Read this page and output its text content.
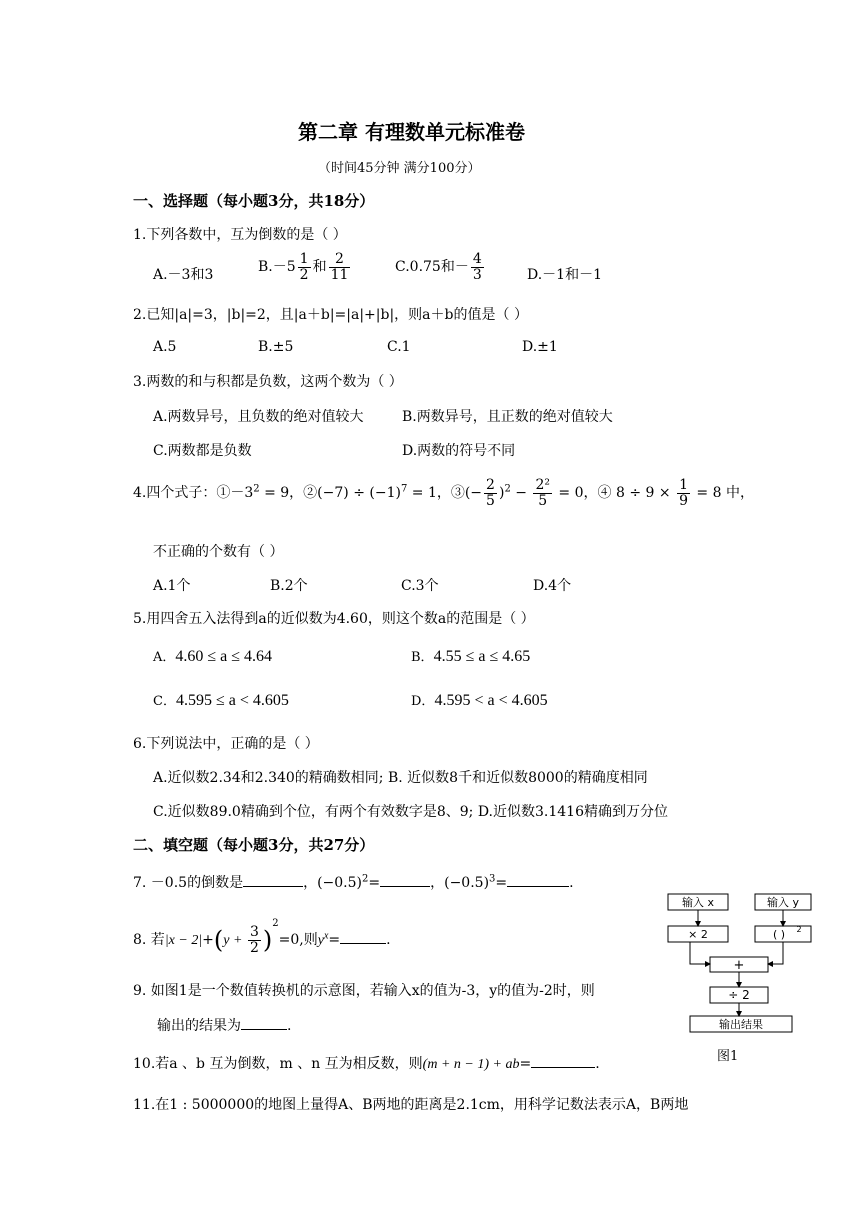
第二章 有理数单元标准卷
（时间45分钟 满分100分）
一、选择题（每小题3分，共18分）
1.下列各数中，互为倒数的是（ ）
A.－3和3	$B.-5 \frac{1}{2}$ 和 $\frac{2}{11}$	C.0.75和－ $\frac{4}{3}$	D.－1和－1
2.已知|a|=3，|b|=2，且|a＋b|=|a|+|b|，则a＋b的值是（ ）
A.5	B.±5	C.1	D.±1
3.两数的和与积都是负数，这两个数为（ ）
A.两数异号，且负数的绝对值较大	B.两数异号，且正数的绝对值较大
C.两数都是负数	D.两数的符号不同
4.四个式子：$①-3^2 = 9$，②(−7) ÷ $(-1)^7 = 1$，③(− $\frac{2}{5} )^2 - \frac{\text{2²}}{5} = 0$，④ $8 \div 9 \times \frac{1}{9} = 8$ 中，
不正确的个数有（ ）
A.1个	B.2个	C.3个	D.4个
5.用四舍五入法得到a的近似数为4.60，则这个数a的范围是（ ）
A．4.60 ≤ a ≤ 4.64	B．4.55 ≤ a ≤ 4.65
C．4.595 ≤ a < 4.605	D．4.595 < a < 4.605
6.下列说法中，正确的是（ ）
A.近似数2.34和2.340的精确数相同; B. 近似数8千和近似数8000的精确度相同
C.近似数89.0精确到个位，有两个有效数字是8、9; D.近似数3.1416精确到万分位
二、填空题（每小题3分，共27分）
7. －0.5的倒数是	，$(-0.5)^2=$	，$(-0.5)^3=$	.
8. 若$|x - 2|+(y + \frac{3}{2} )^2=0$,则$y^x=$	.
9. 如图1是一个数值转换机的示意图，若输入x的值为-3，y的值为-2时，则
输出的结果为	.
10.若a 、b 互为倒数，m 、n 互为相反数，则(m + n − 1) + ab=	.
11.在1 : 5000000的地图上量得A、B两地的距离是2.1cm，用科学记数法表示A，B两地
输入 x	输入 y
× 2	( ) 2
+
÷ 2
输出结果
图1
